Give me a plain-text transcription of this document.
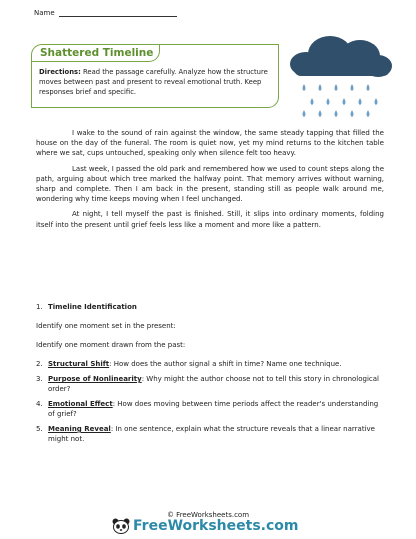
Name
Shattered Timeline
Directions: Read the passage carefully. Analyze how the structure moves between past and present to reveal emotional truth. Keep responses brief and specific.

I wake to the sound of rain against the window, the same steady tapping that filled the house on the day of the funeral. The room is quiet now, yet my mind returns to the kitchen table where we sat, cups untouched, speaking only when silence felt too heavy.

Last week, I passed the old park and remembered how we used to count steps along the path, arguing about which tree marked the halfway point. That memory arrives without warning, sharp and complete. Then I am back in the present, standing still as people walk around me, wondering why time keeps moving when I feel unchanged.

At night, I tell myself the past is finished. Still, it slips into ordinary moments, folding itself into the present until grief feels less like a moment and more like a pattern.

1. Timeline Identification

Identify one moment set in the present:

Identify one moment drawn from the past:

2. Structural Shift: How does the author signal a shift in time? Name one technique.
3. Purpose of Nonlinearity: Why might the author choose not to tell this story in chronological order?
4. Emotional Effect: How does moving between time periods affect the reader's understanding of grief?
5. Meaning Reveal: In one sentence, explain what the structure reveals that a linear narrative might not.
© FreeWorksheets.com
FreeWorksheets.com
